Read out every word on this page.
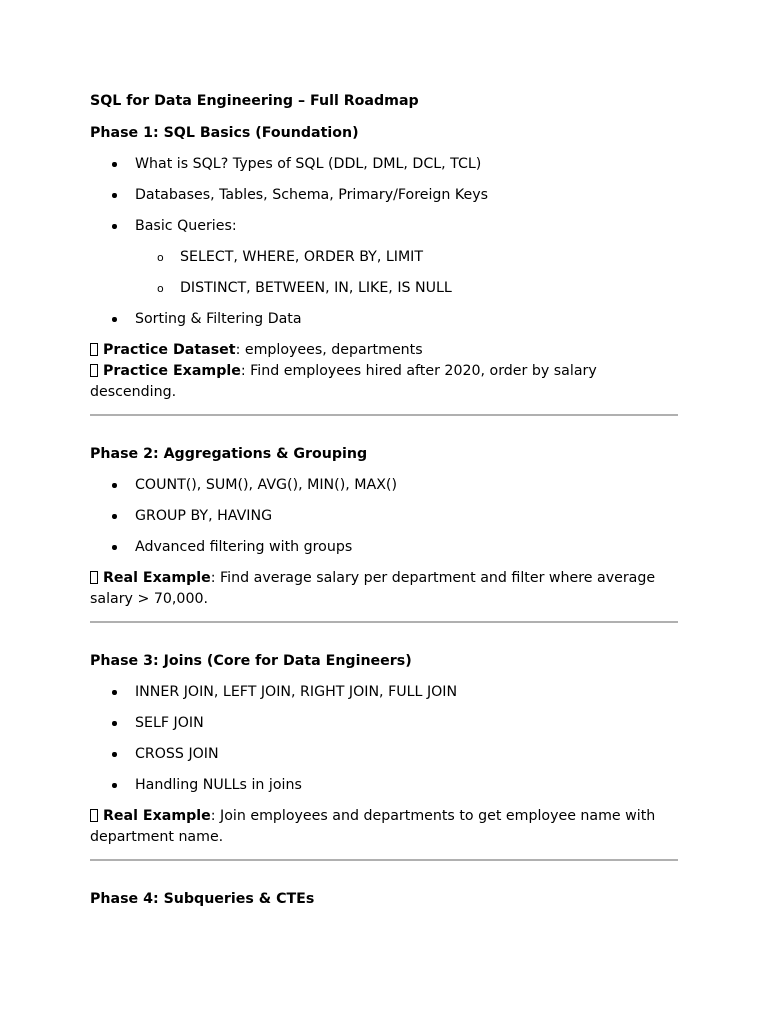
SQL for Data Engineering – Full Roadmap
Phase 1: SQL Basics (Foundation)
What is SQL? Types of SQL (DDL, DML, DCL, TCL)
Databases, Tables, Schema, Primary/Foreign Keys
Basic Queries:
o SELECT, WHERE, ORDER BY, LIMIT
o DISTINCT, BETWEEN, IN, LIKE, IS NULL
Sorting & Filtering Data

Practice Dataset: employees, departments

Practice Example: Find employees hired after 2020, order by salary descending.

Phase 2: Aggregations & Grouping
COUNT(), SUM(), AVG(), MIN(), MAX()
GROUP BY, HAVING
Advanced filtering with groups

Real Example: Find average salary per department and filter where average salary > 70,000.

Phase 3: Joins (Core for Data Engineers)
INNER JOIN, LEFT JOIN, RIGHT JOIN, FULL JOIN
SELF JOIN
CROSS JOIN
Handling NULLs in joins

Real Example: Join employees and departments to get employee name with department name.

Phase 4: Subqueries & CTEs
